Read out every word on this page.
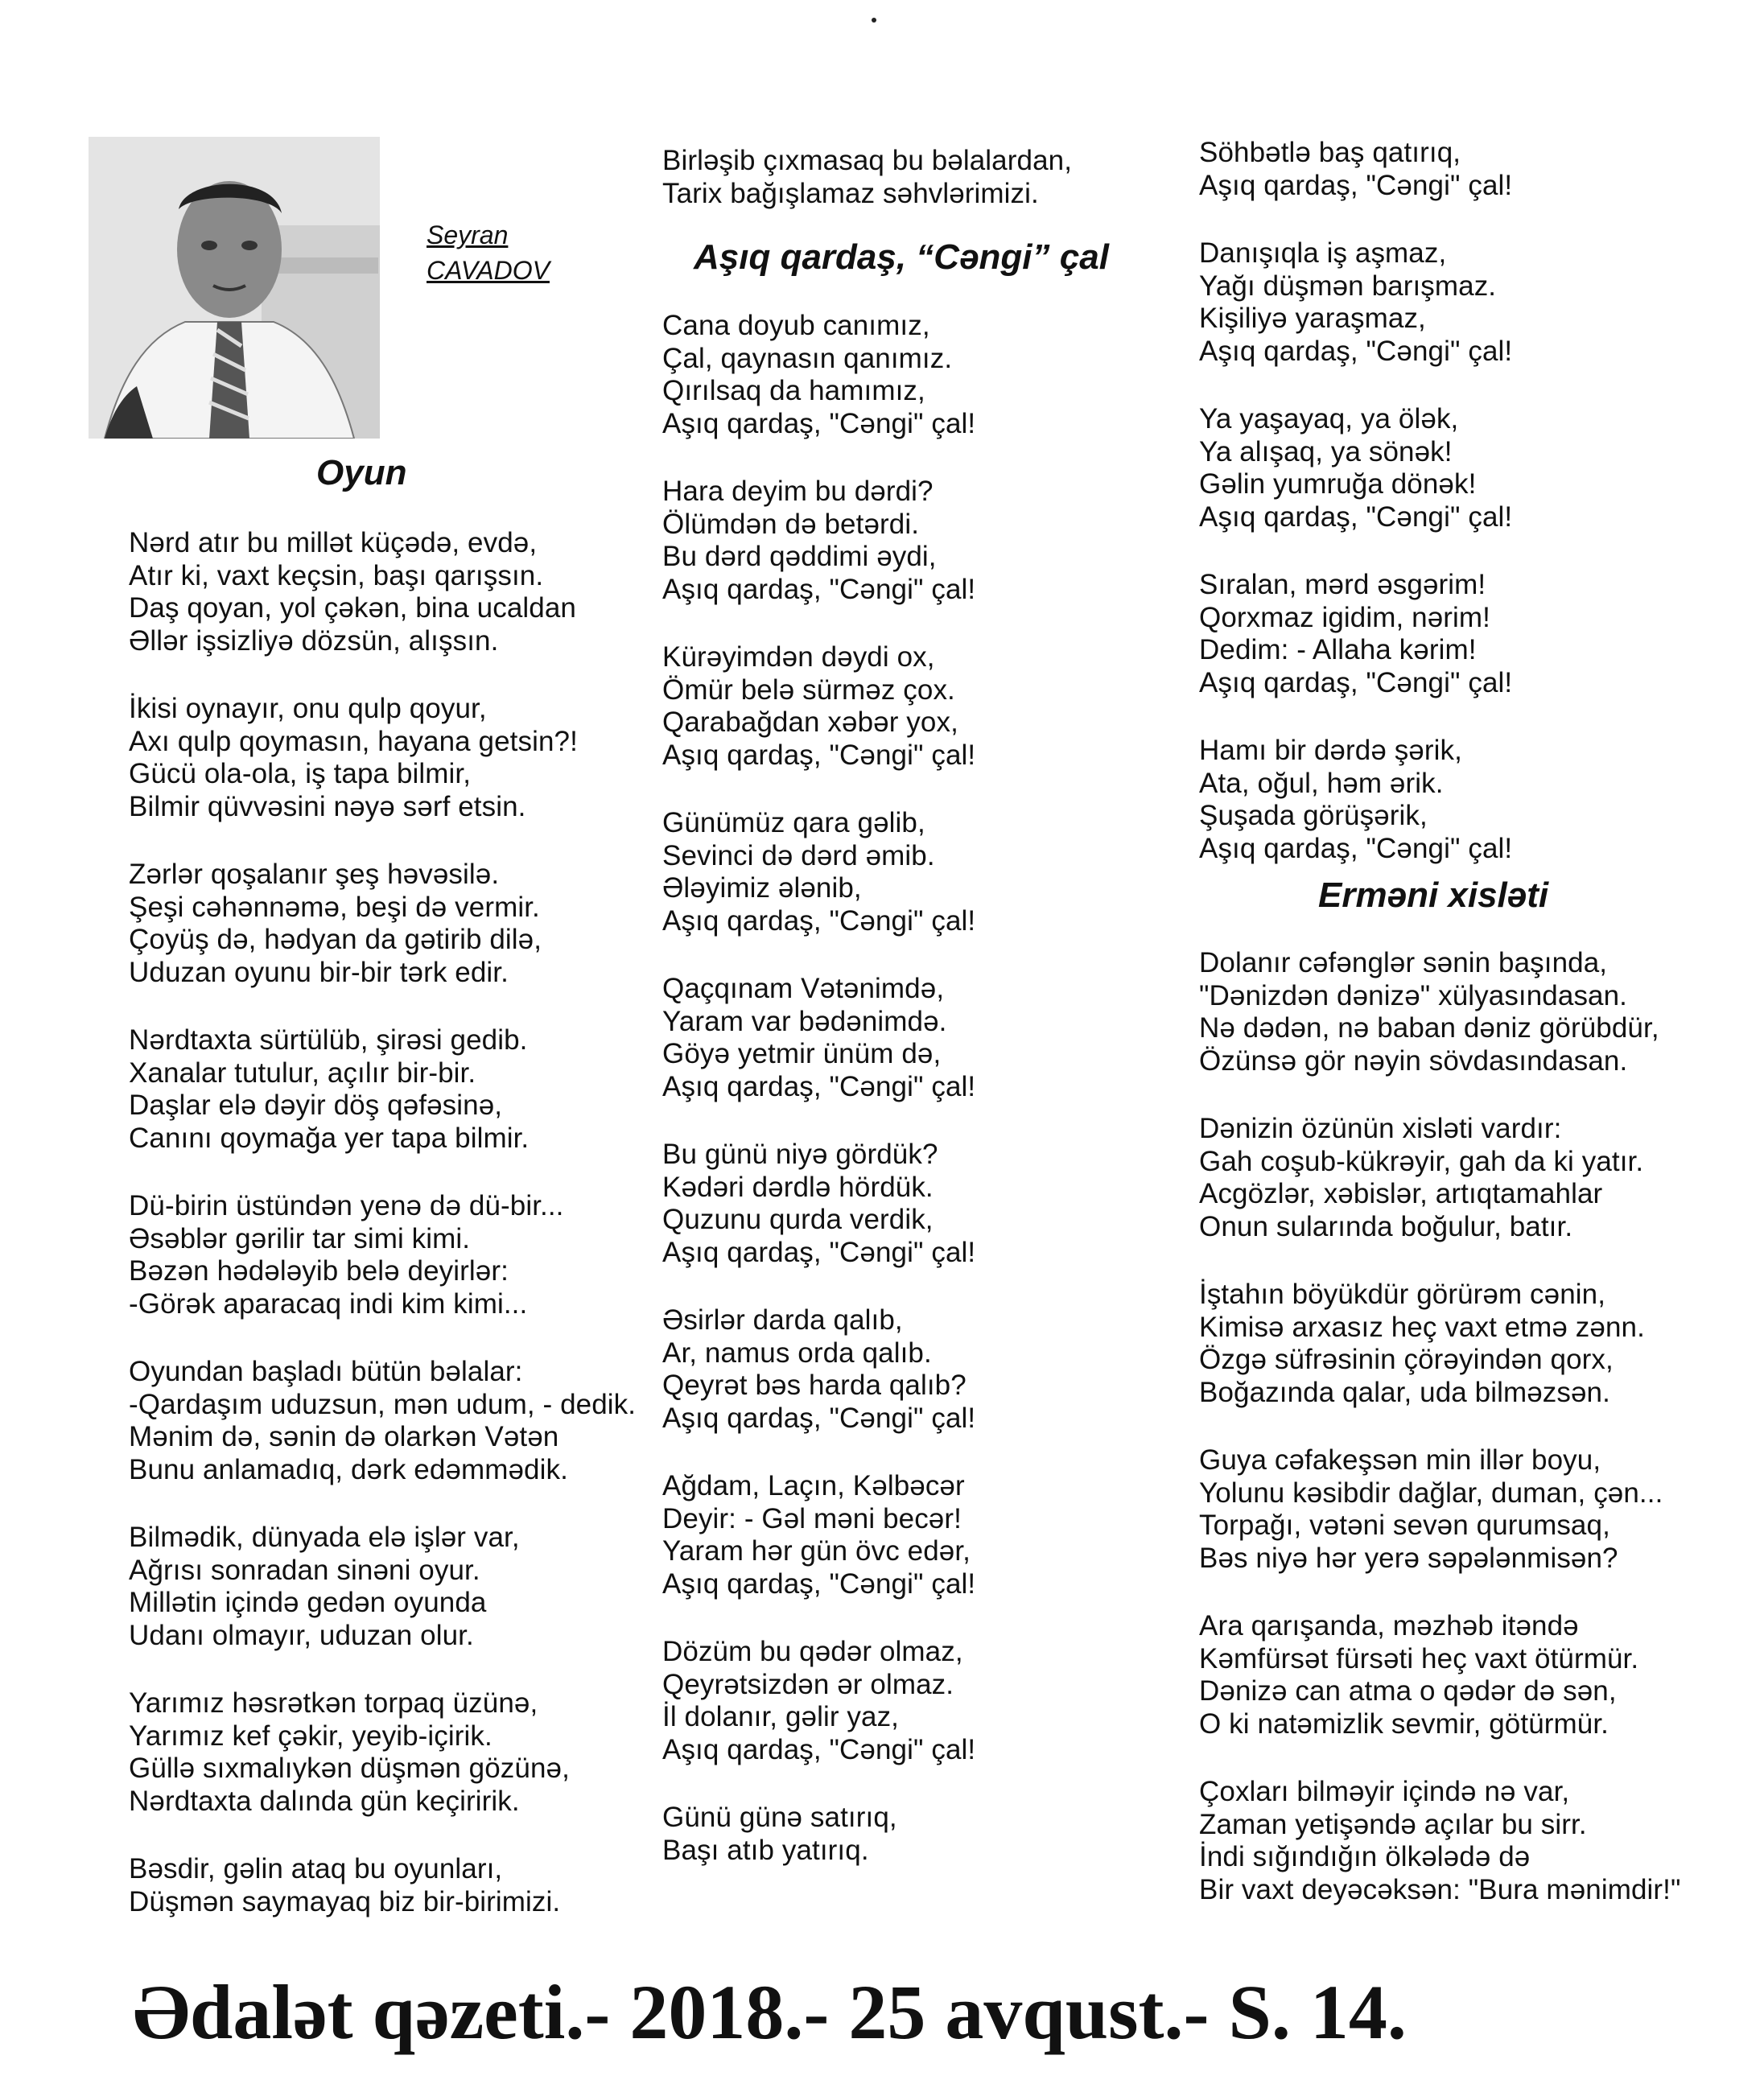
Seyran
CAVADOV
Oyun
Nərd atır bu millət küçədə, evdə,
Atır ki, vaxt keçsin, başı qarışsın.
Daş qoyan, yol çəkən, bina ucaldan
Əllər işsizliyə dözsün, alışsın.
İkisi oynayır, onu qulp qoyur,
Axı qulp qoymasın, hayana getsin?!
Gücü ola-ola, iş tapa bilmir,
Bilmir qüvvəsini nəyə sərf etsin.
Zərlər qoşalanır şeş həvəsilə.
Şeşi cəhənnəmə, beşi də vermir.
Çoyüş də, hədyan da gətirib dilə,
Uduzan oyunu bir-bir tərk edir.
Nərdtaxta sürtülüb, şirəsi gedib.
Xanalar tutulur, açılır bir-bir.
Daşlar elə dəyir döş qəfəsinə,
Canını qoymağa yer tapa bilmir.
Dü-birin üstündən yenə də dü-bir...
Əsəblər gərilir tar simi kimi.
Bəzən hədələyib belə deyirlər:
-Görək aparacaq indi kim kimi...
Oyundan başladı bütün bəlalar:
-Qardaşım uduzsun, mən udum, - dedik.
Mənim də, sənin də olarkən Vətən
Bunu anlamadıq, dərk edəmmədik.
Bilmədik, dünyada elə işlər var,
Ağrısı sonradan sinəni oyur.
Millətin içində gedən oyunda
Udanı olmayır, uduzan olur.
Yarımız həsrətkən torpaq üzünə,
Yarımız kef çəkir, yeyib-içirik.
Güllə sıxmalıykən düşmən gözünə,
Nərdtaxta dalında gün keçiririk.
Bəsdir, gəlin ataq bu oyunları,
Düşmən saymayaq biz bir-birimizi.
Birləşib çıxmasaq bu bəlalardan,
Tarix bağışlamaz səhvlərimizi.
Aşıq qardaş, “Cəngi” çal
Cana doyub canımız,
Çal, qaynasın qanımız.
Qırılsaq da hamımız,
Aşıq qardaş, "Cəngi" çal!
Hara deyim bu dərdi?
Ölümdən də betərdi.
Bu dərd qəddimi əydi,
Aşıq qardaş, "Cəngi" çal!
Kürəyimdən dəydi ox,
Ömür belə sürməz çox.
Qarabağdan xəbər yox,
Aşıq qardaş, "Cəngi" çal!
Günümüz qara gəlib,
Sevinci də dərd əmib.
Ələyimiz ələnib,
Aşıq qardaş, "Cəngi" çal!
Qaçqınam Vətənimdə,
Yaram var bədənimdə.
Göyə yetmir ünüm də,
Aşıq qardaş, "Cəngi" çal!
Bu günü niyə gördük?
Kədəri dərdlə hördük.
Quzunu qurda verdik,
Aşıq qardaş, "Cəngi" çal!
Əsirlər darda qalıb,
Ar, namus orda qalıb.
Qeyrət bəs harda qalıb?
Aşıq qardaş, "Cəngi" çal!
Ağdam, Laçın, Kəlbəcər
Deyir: - Gəl məni becər!
Yaram hər gün övc edər,
Aşıq qardaş, "Cəngi" çal!
Dözüm bu qədər olmaz,
Qeyrətsizdən ər olmaz.
İl dolanır, gəlir yaz,
Aşıq qardaş, "Cəngi" çal!
Günü günə satırıq,
Başı atıb yatırıq.
Söhbətlə baş qatırıq,
Aşıq qardaş, "Cəngi" çal!
Danışıqla iş aşmaz,
Yağı düşmən barışmaz.
Kişiliyə yaraşmaz,
Aşıq qardaş, "Cəngi" çal!
Ya yaşayaq, ya ölək,
Ya alışaq, ya sönək!
Gəlin yumruğa dönək!
Aşıq qardaş, "Cəngi" çal!
Sıralan, mərd əsgərim!
Qorxmaz igidim, nərim!
Dedim: - Allaha kərim!
Aşıq qardaş, "Cəngi" çal!
Hamı bir dərdə şərik,
Ata, oğul, həm ərik.
Şuşada görüşərik,
Aşıq qardaş, "Cəngi" çal!
Ermәni xislәti
Dolanır cəfənglər sənin başında,
"Dənizdən dənizə" xülyasındasan.
Nə dədən, nə baban dəniz görübdür,
Özünsə gör nəyin sövdasındasan.
Dənizin özünün xisləti vardır:
Gah coşub-kükrəyir, gah da ki yatır.
Acgözlər, xəbislər, artıqtamahlar
Onun sularında boğulur, batır.
İştahın böyükdür görürəm cənin,
Kimisə arxasız heç vaxt etmə zənn.
Özgə süfrəsinin çörəyindən qorx,
Boğazında qalar, uda bilməzsən.
Guya cəfakeşsən min illər boyu,
Yolunu kəsibdir dağlar, duman, çən...
Torpağı, vətəni sevən qurumsaq,
Bəs niyə hər yerə səpələnmisən?
Ara qarışanda, məzhəb itəndə
Kəmfürsət fürsəti heç vaxt ötürmür.
Dənizə can atma o qədər də sən,
O ki natəmizlik sevmir, götürmür.
Çoxları bilməyir içində nə var,
Zaman yetişəndə açılar bu sirr.
İndi sığındığın ölkələdə də
Bir vaxt deyəcəksən: "Bura mənimdir!"
Ədalət qəzeti.- 2018.- 25 avqust.- S. 14.
